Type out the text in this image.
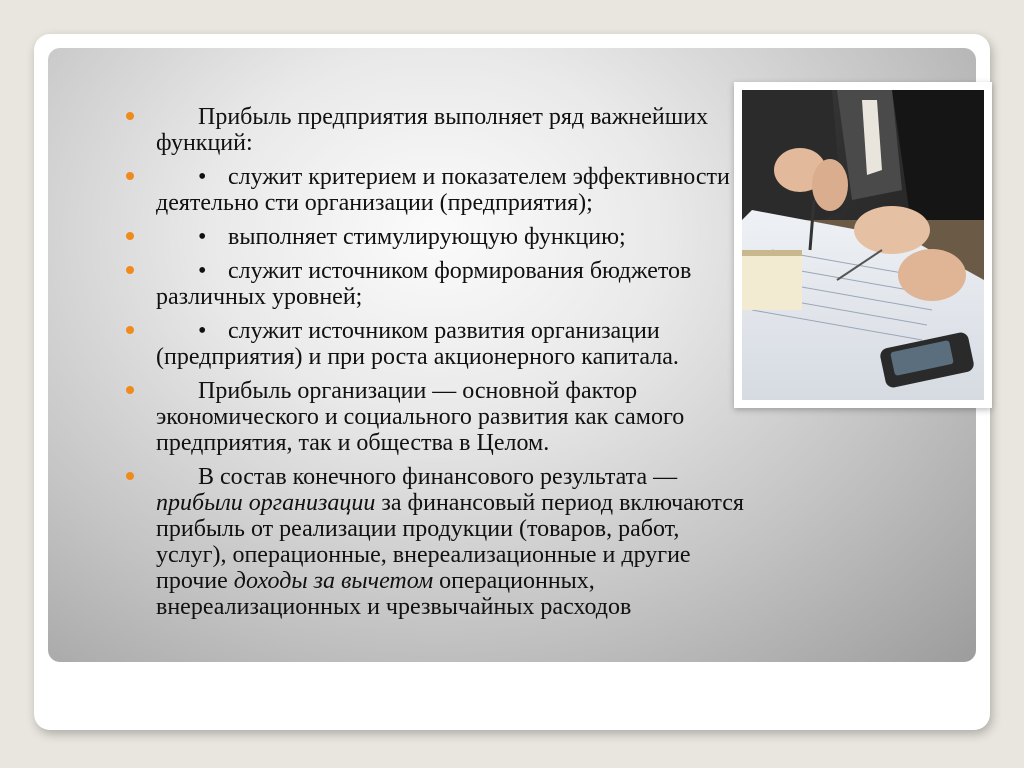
Прибыль предприятия выполняет ряд важнейших функций:
• служит критерием и показателем эффективности деятельно сти организации (предприятия);
• выполняет стимулирующую функцию;
• служит источником формирования бюджетов различных уровней;
• служит источником развития организации (предприятия) и при роста акционерного капитала.
Прибыль организации — основной фактор экономического и социального развития как самого предприятия, так и общества в Целом.
В состав конечного финансового результата — прибыли организации за финансовый период включаются прибыль от реализации продукции (товаров, работ, услуг), операционные, внереализационные и другие прочие доходы за вычетом операционных, внереализационных и чрезвычайных расходов
